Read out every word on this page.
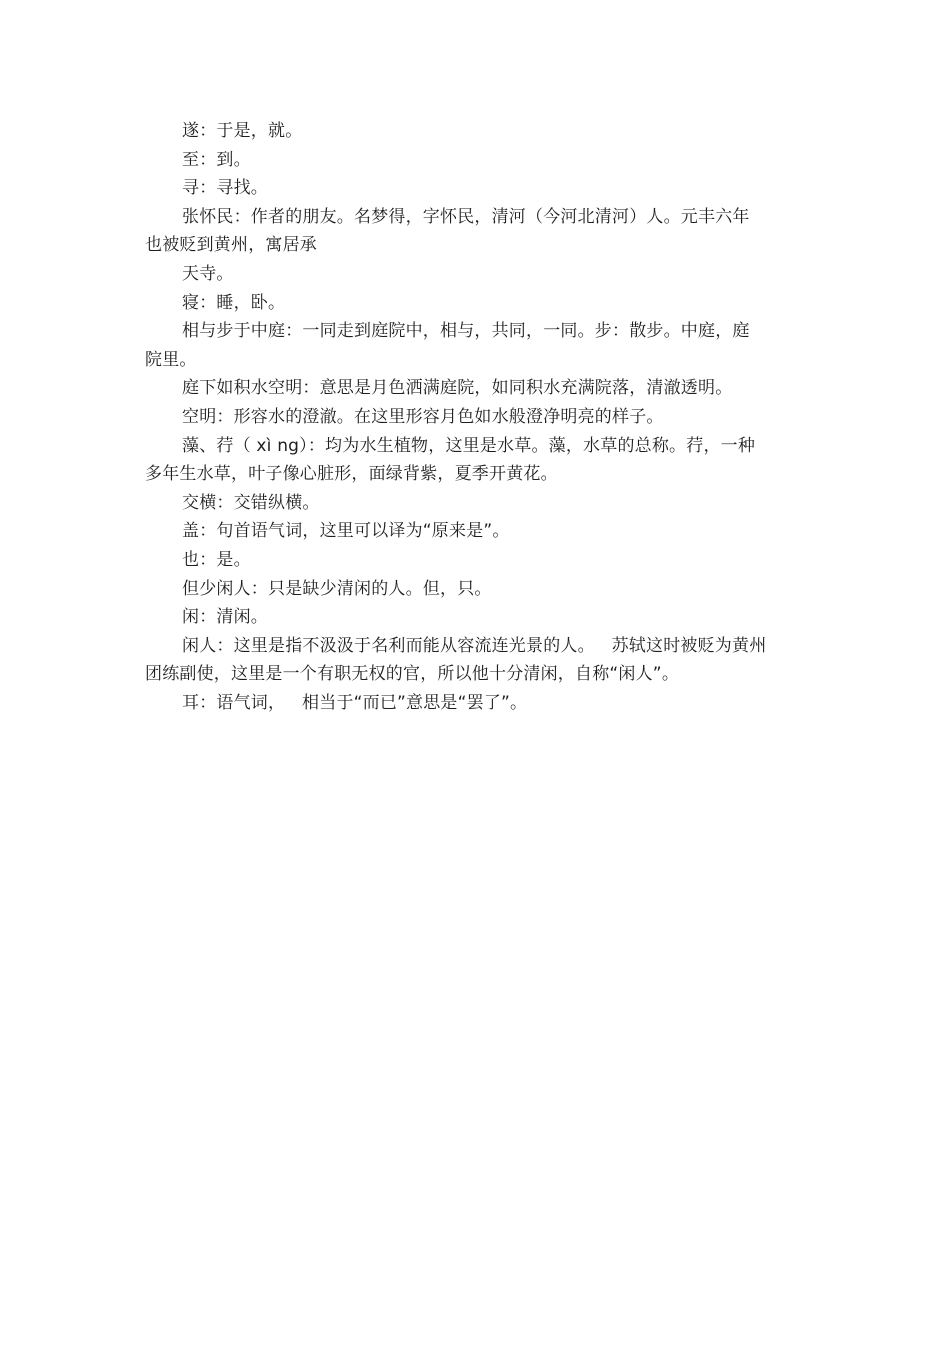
遂：于是，就。

至：到。

寻：寻找。

张怀民：作者的朋友。名梦得，字怀民，清河（今河北清河）人。元丰六年
也被贬到黄州，寓居承

天寺。

寝：睡，卧。

相与步于中庭：一同走到庭院中，相与，共同，一同。步：散步。中庭，庭
院里。

庭下如积水空明：意思是月色洒满庭院，如同积水充满院落，清澈透明。

空明：形容水的澄澈。在这里形容月色如水般澄净明亮的样子。

藻、荇（ xì ng）：均为水生植物，这里是水草。藻，水草的总称。荇，一种
多年生水草，叶子像心脏形，面绿背紫，夏季开黄花。

交横：交错纵横。

盖：句首语气词，这里可以译为“原来是”。

也：是。

但少闲人：只是缺少清闲的人。但，只。

闲：清闲。

闲人：这里是指不汲汲于名利而能从容流连光景的人。   苏轼这时被贬为黄州
团练副使，这里是一个有职无权的官，所以他十分清闲，自称“闲人”。

耳：语气词，   相当于“而已”意思是“罢了”。
